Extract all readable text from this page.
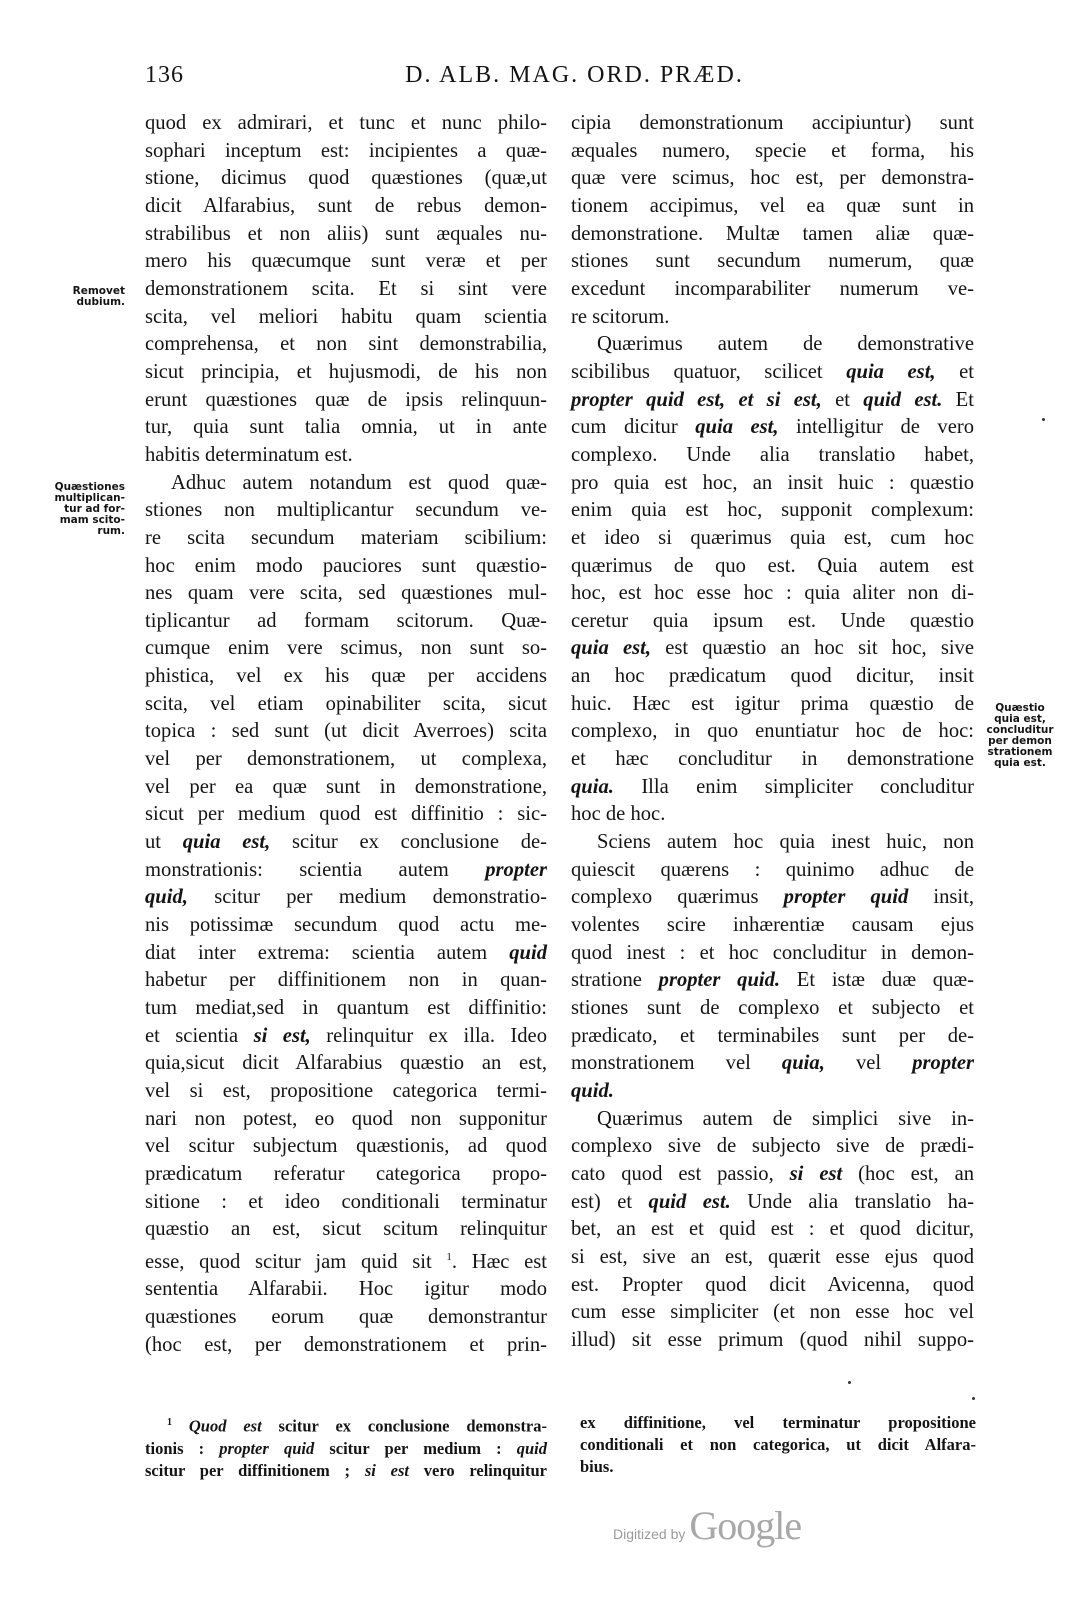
136	D. ALB. MAG. ORD. PRÆD.
Removet
dubium.
Quæstiones
multiplican-
tur ad for-
mam scito-
rum.
Quæstio
quia est,
concluditur
per demon
strationem
quia est.

quod ex admirari, et tunc et nunc philo-
sophari inceptum est: incipientes a quæ-
stione, dicimus quod quæstiones (quæ,ut
dicit Alfarabius, sunt de rebus demon-
strabilibus et non aliis) sunt æquales nu-
mero his quæcumque sunt veræ et per
demonstrationem scita. Et si sint vere
scita, vel meliori habitu quam scientia
comprehensa, et non sint demonstrabilia,
sicut principia, et hujusmodi, de his non
erunt quæstiones quæ de ipsis relinquun-
tur, quia sunt talia omnia, ut in ante
habitis determinatum est.

Adhuc autem notandum est quod quæ-
stiones non multiplicantur secundum ve-
re scita secundum materiam scibilium:
hoc enim modo pauciores sunt quæstio-
nes quam vere scita, sed quæstiones mul-
tiplicantur ad formam scitorum. Quæ-
cumque enim vere scimus, non sunt so-
phistica, vel ex his quæ per accidens
scita, vel etiam opinabiliter scita, sicut
topica : sed sunt (ut dicit Averroes) scita
vel per demonstrationem, ut complexa,
vel per ea quæ sunt in demonstratione,
sicut per medium quod est diffinitio : sic-
ut quia est, scitur ex conclusione de-
monstrationis: scientia autem propter
quid, scitur per medium demonstratio-
nis potissimæ secundum quod actu me-
diat inter extrema: scientia autem quid
habetur per diffinitionem non in quan-
tum mediat,sed in quantum est diffinitio:
et scientia si est, relinquitur ex illa. Ideo
quia,sicut dicit Alfarabius quæstio an est,
vel si est, propositione categorica termi-
nari non potest, eo quod non supponitur
vel scitur subjectum quæstionis, ad quod
prædicatum referatur categorica propo-
sitione : et ideo conditionali terminatur
quæstio an est, sicut scitum relinquitur
esse, quod scitur jam quid sit $^1$. Hæc est
sententia Alfarabii. Hoc igitur modo
quæstiones eorum quæ demonstrantur
(hoc est, per demonstrationem et prin-

cipia demonstrationum accipiuntur) sunt
æquales numero, specie et forma, his
quæ vere scimus, hoc est, per demonstra-
tionem accipimus, vel ea quæ sunt in
demonstratione. Multæ tamen aliæ quæ-
stiones sunt secundum numerum, quæ
excedunt incomparabiliter numerum ve-
re scitorum.

Quærimus autem de demonstrative
scibilibus quatuor, scilicet quia est, et
propter quid est, et si est, et quid est. Et
cum dicitur quia est, intelligitur de vero
complexo. Unde alia translatio habet,
pro quia est hoc, an insit huic : quæstio
enim quia est hoc, supponit complexum:
et ideo si quærimus quia est, cum hoc
quærimus de quo est. Quia autem est
hoc, est hoc esse hoc : quia aliter non di-
ceretur quia ipsum est. Unde quæstio
quia est, est quæstio an hoc sit hoc, sive
an hoc prædicatum quod dicitur, insit
huic. Hæc est igitur prima quæstio de
complexo, in quo enuntiatur hoc de hoc:
et hæc concluditur in demonstratione
quia. Illa enim simpliciter concluditur
hoc de hoc.

Sciens autem hoc quia inest huic, non
quiescit quærens : quinimo adhuc de
complexo quærimus propter quid insit,
volentes scire inhærentiæ causam ejus
quod inest : et hoc concluditur in demon-
stratione propter quid. Et istæ duæ quæ-
stiones sunt de complexo et subjecto et
prædicato, et terminabiles sunt per de-
monstrationem vel quia, vel propter
quid.

Quærimus autem de simplici sive in-
complexo sive de subjecto sive de prædi-
cato quod est passio, si est (hoc est, an
est) et quid est. Unde alia translatio ha-
bet, an est et quid est : et quod dicitur,
si est, sive an est, quærit esse ejus quod
est. Propter quod dicit Avicenna, quod
cum esse simpliciter (et non esse hoc vel
illud) sit esse primum (quod nihil suppo-

$^1$ Quod est scitur ex conclusione demonstra-
tionis : propter quid scitur per medium : quid
scitur per diffinitionem ; si est vero relinquitur
ex diffinitione, vel terminatur propositione
conditionali et non categorica, ut dicit Alfara-
bius.
Digitized by Google
